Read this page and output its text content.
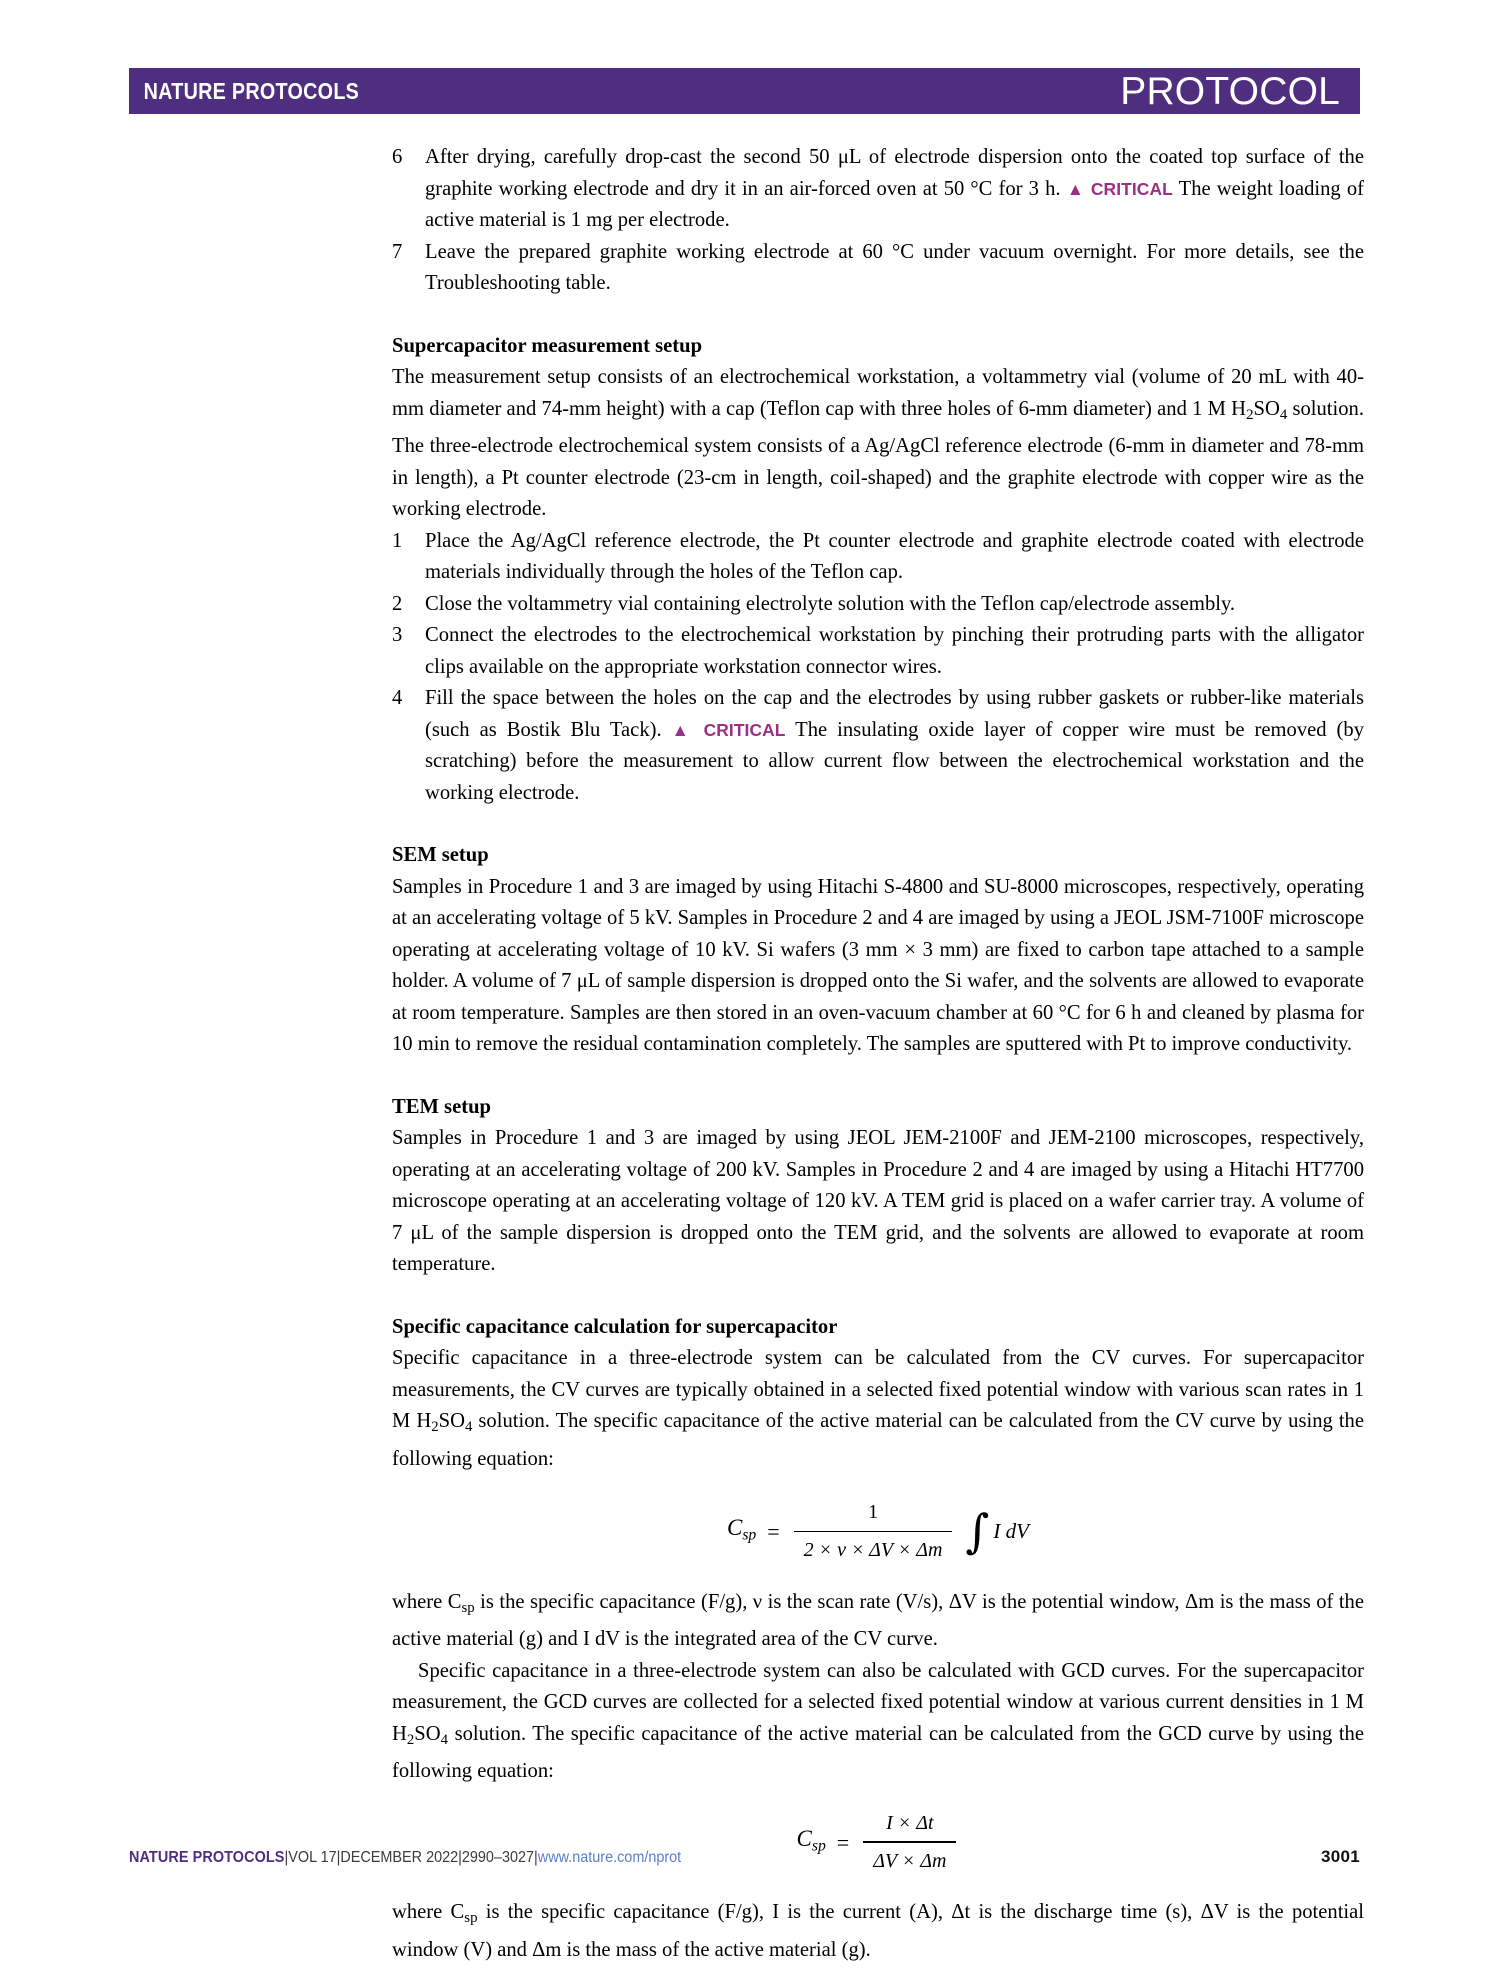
NATURE PROTOCOLS	PROTOCOL
6	After drying, carefully drop-cast the second 50 μL of electrode dispersion onto the coated top surface of the graphite working electrode and dry it in an air-forced oven at 50 °C for 3 h. ▲ CRITICAL The weight loading of active material is 1 mg per electrode.
7	Leave the prepared graphite working electrode at 60 °C under vacuum overnight. For more details, see the Troubleshooting table.
Supercapacitor measurement setup

The measurement setup consists of an electrochemical workstation, a voltammetry vial (volume of 20 mL with 40-mm diameter and 74-mm height) with a cap (Teflon cap with three holes of 6-mm diameter) and 1 M $H_2SO_4$ solution. The three-electrode electrochemical system consists of a Ag/AgCl reference electrode (6-mm in diameter and 78-mm in length), a Pt counter electrode (23-cm in length, coil-shaped) and the graphite electrode with copper wire as the working electrode.

1	Place the Ag/AgCl reference electrode, the Pt counter electrode and graphite electrode coated with electrode materials individually through the holes of the Teflon cap.
2	Close the voltammetry vial containing electrolyte solution with the Teflon cap/electrode assembly.
3	Connect the electrodes to the electrochemical workstation by pinching their protruding parts with the alligator clips available on the appropriate workstation connector wires.
4	Fill the space between the holes on the cap and the electrodes by using rubber gaskets or rubber-like materials (such as Bostik Blu Tack). ▲ CRITICAL The insulating oxide layer of copper wire must be removed (by scratching) before the measurement to allow current flow between the electrochemical workstation and the working electrode.
SEM setup

Samples in Procedure 1 and 3 are imaged by using Hitachi S-4800 and SU-8000 microscopes, respectively, operating at an accelerating voltage of 5 kV. Samples in Procedure 2 and 4 are imaged by using a JEOL JSM-7100F microscope operating at accelerating voltage of 10 kV. Si wafers (3 mm × 3 mm) are fixed to carbon tape attached to a sample holder. A volume of 7 μL of sample dispersion is dropped onto the Si wafer, and the solvents are allowed to evaporate at room temperature. Samples are then stored in an oven-vacuum chamber at 60 °C for 6 h and cleaned by plasma for 10 min to remove the residual contamination completely. The samples are sputtered with Pt to improve conductivity.

TEM setup

Samples in Procedure 1 and 3 are imaged by using JEOL JEM-2100F and JEM-2100 microscopes, respectively, operating at an accelerating voltage of 200 kV. Samples in Procedure 2 and 4 are imaged by using a Hitachi HT7700 microscope operating at an accelerating voltage of 120 kV. A TEM grid is placed on a wafer carrier tray. A volume of 7 μL of the sample dispersion is dropped onto the TEM grid, and the solvents are allowed to evaporate at room temperature.

Specific capacitance calculation for supercapacitor

Specific capacitance in a three-electrode system can be calculated from the CV curves. For supercapacitor measurements, the CV curves are typically obtained in a selected fixed potential window with various scan rates in 1 M $H_2SO_4$ solution. The specific capacitance of the active material can be calculated from the CV curve by using the following equation:

$C_{sp} = \frac{1}{2 \times \nu \times \Delta V \times \Delta m}$ ∫ I dV

where $C_{sp}$ is the specific capacitance (F/g), ν is the scan rate (V/s), ΔV is the potential window, Δm is the mass of the active material (g) and I dV is the integrated area of the CV curve.

Specific capacitance in a three-electrode system can also be calculated with GCD curves. For the supercapacitor measurement, the GCD curves are collected for a selected fixed potential window at various current densities in 1 M $H_2SO_4$ solution. The specific capacitance of the active material can be calculated from the GCD curve by using the following equation:

$C_{sp} = \frac{I \times \Delta t}{\Delta V \times \Delta m}$

where $C_{sp}$ is the specific capacitance (F/g), I is the current (A), Δt is the discharge time (s), ΔV is the potential window (V) and Δm is the mass of the active material (g).

NATURE PROTOCOLS|VOL 17|DECEMBER 2022|2990–3027|www.nature.com/nprot	3001
